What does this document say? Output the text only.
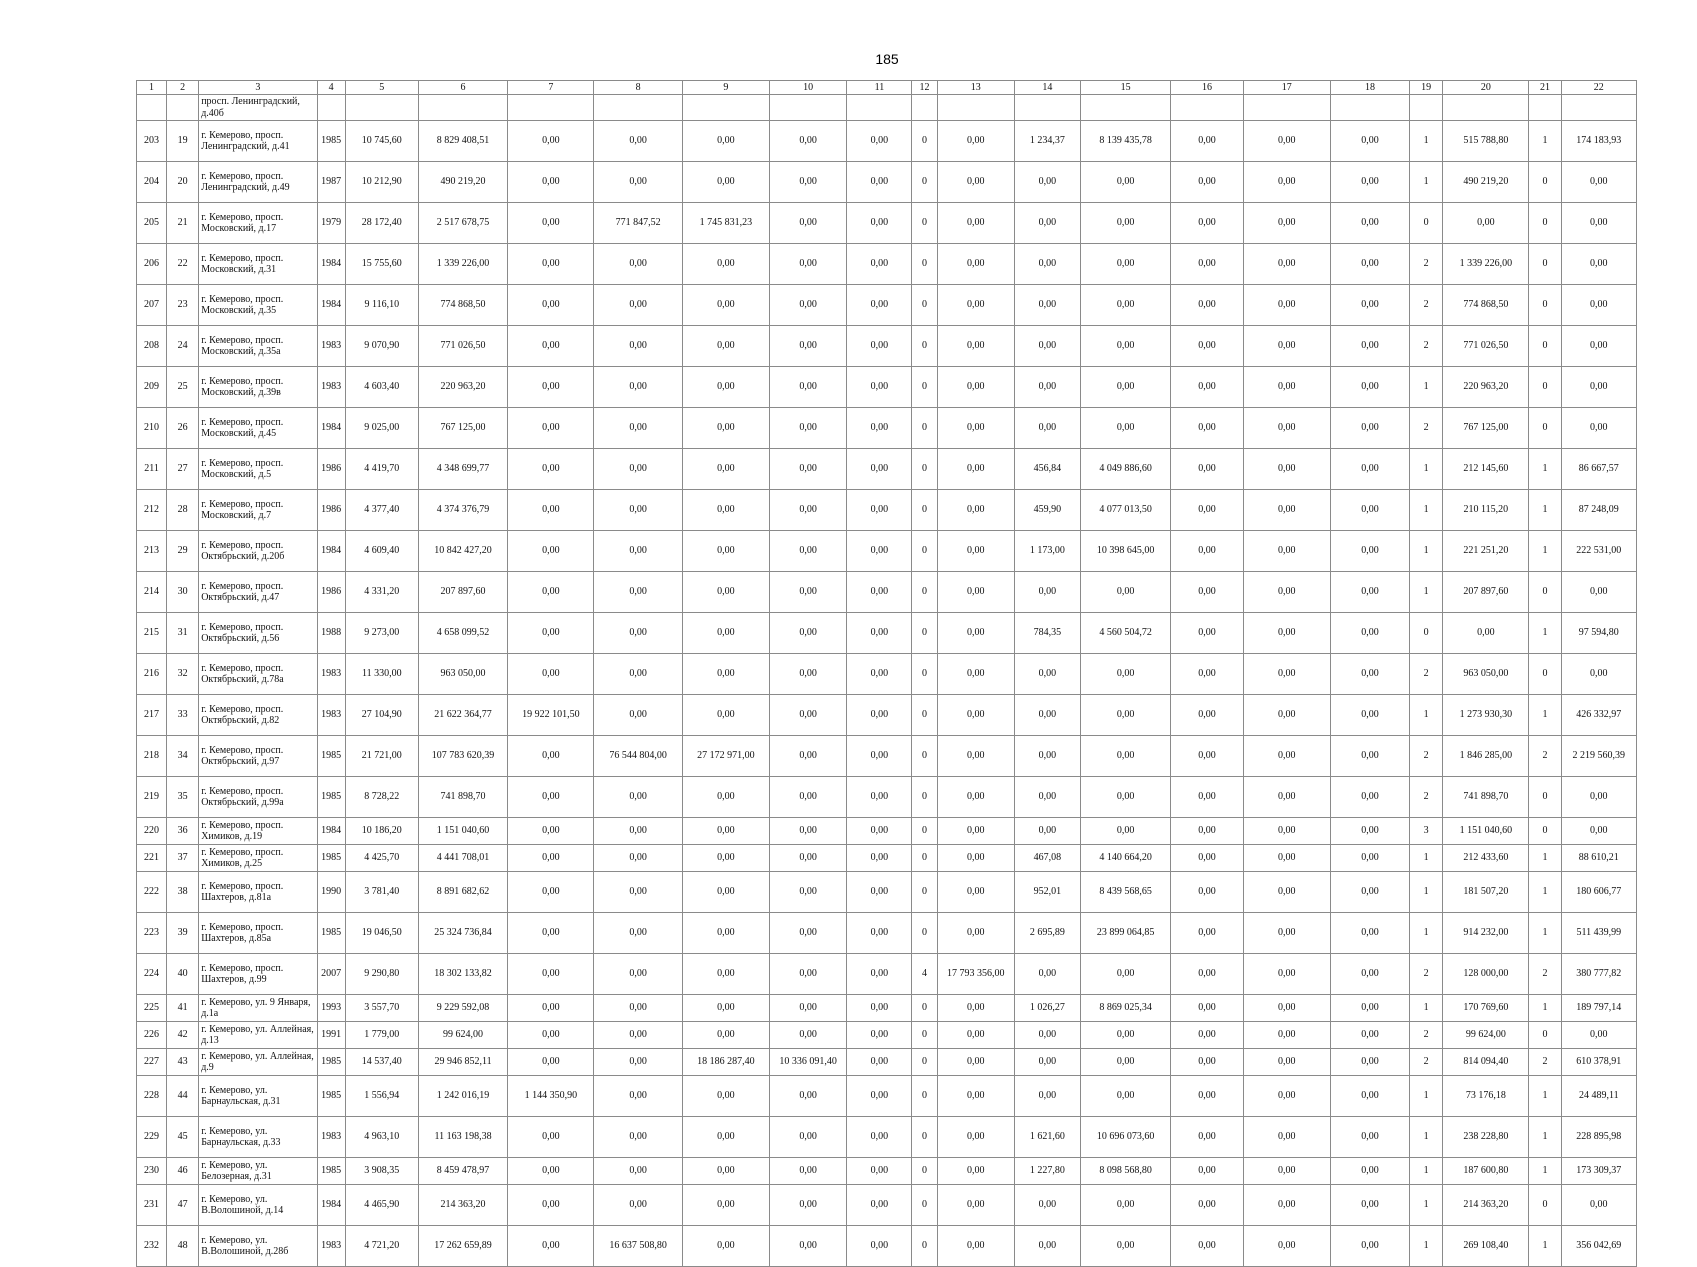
185
1	2	3	4	5	6	7	8	9	10	11	12	13	14	15	16	17	18	19	20	21	22
		просп. Ленинградский, д.40б																			
203	19	г. Кемерово, просп. Ленинградский, д.41	1985	10 745,60	8 829 408,51	0,00	0,00	0,00	0,00	0,00	0	0,00	1 234,37	8 139 435,78	0,00	0,00	0,00	1	515 788,80	1	174 183,93
204	20	г. Кемерово, просп. Ленинградский, д.49	1987	10 212,90	490 219,20	0,00	0,00	0,00	0,00	0,00	0	0,00	0,00	0,00	0,00	0,00	0,00	1	490 219,20	0	0,00
205	21	г. Кемерово, просп. Московский, д.17	1979	28 172,40	2 517 678,75	0,00	771 847,52	1 745 831,23	0,00	0,00	0	0,00	0,00	0,00	0,00	0,00	0,00	0	0,00	0	0,00
206	22	г. Кемерово, просп. Московский, д.31	1984	15 755,60	1 339 226,00	0,00	0,00	0,00	0,00	0,00	0	0,00	0,00	0,00	0,00	0,00	0,00	2	1 339 226,00	0	0,00
207	23	г. Кемерово, просп. Московский, д.35	1984	9 116,10	774 868,50	0,00	0,00	0,00	0,00	0,00	0	0,00	0,00	0,00	0,00	0,00	0,00	2	774 868,50	0	0,00
208	24	г. Кемерово, просп. Московский, д.35а	1983	9 070,90	771 026,50	0,00	0,00	0,00	0,00	0,00	0	0,00	0,00	0,00	0,00	0,00	0,00	2	771 026,50	0	0,00
209	25	г. Кемерово, просп. Московский, д.39в	1983	4 603,40	220 963,20	0,00	0,00	0,00	0,00	0,00	0	0,00	0,00	0,00	0,00	0,00	0,00	1	220 963,20	0	0,00
210	26	г. Кемерово, просп. Московский, д.45	1984	9 025,00	767 125,00	0,00	0,00	0,00	0,00	0,00	0	0,00	0,00	0,00	0,00	0,00	0,00	2	767 125,00	0	0,00
211	27	г. Кемерово, просп. Московский, д.5	1986	4 419,70	4 348 699,77	0,00	0,00	0,00	0,00	0,00	0	0,00	456,84	4 049 886,60	0,00	0,00	0,00	1	212 145,60	1	86 667,57
212	28	г. Кемерово, просп. Московский, д.7	1986	4 377,40	4 374 376,79	0,00	0,00	0,00	0,00	0,00	0	0,00	459,90	4 077 013,50	0,00	0,00	0,00	1	210 115,20	1	87 248,09
213	29	г. Кемерово, просп. Октябрьский, д.20б	1984	4 609,40	10 842 427,20	0,00	0,00	0,00	0,00	0,00	0	0,00	1 173,00	10 398 645,00	0,00	0,00	0,00	1	221 251,20	1	222 531,00
214	30	г. Кемерово, просп. Октябрьский, д.47	1986	4 331,20	207 897,60	0,00	0,00	0,00	0,00	0,00	0	0,00	0,00	0,00	0,00	0,00	0,00	1	207 897,60	0	0,00
215	31	г. Кемерово, просп. Октябрьский, д.56	1988	9 273,00	4 658 099,52	0,00	0,00	0,00	0,00	0,00	0	0,00	784,35	4 560 504,72	0,00	0,00	0,00	0	0,00	1	97 594,80
216	32	г. Кемерово, просп. Октябрьский, д.78а	1983	11 330,00	963 050,00	0,00	0,00	0,00	0,00	0,00	0	0,00	0,00	0,00	0,00	0,00	0,00	2	963 050,00	0	0,00
217	33	г. Кемерово, просп. Октябрьский, д.82	1983	27 104,90	21 622 364,77	19 922 101,50	0,00	0,00	0,00	0,00	0	0,00	0,00	0,00	0,00	0,00	0,00	1	1 273 930,30	1	426 332,97
218	34	г. Кемерово, просп. Октябрьский, д.97	1985	21 721,00	107 783 620,39	0,00	76 544 804,00	27 172 971,00	0,00	0,00	0	0,00	0,00	0,00	0,00	0,00	0,00	2	1 846 285,00	2	2 219 560,39
219	35	г. Кемерово, просп. Октябрьский, д.99а	1985	8 728,22	741 898,70	0,00	0,00	0,00	0,00	0,00	0	0,00	0,00	0,00	0,00	0,00	0,00	2	741 898,70	0	0,00
220	36	г. Кемерово, просп. Химиков, д.19	1984	10 186,20	1 151 040,60	0,00	0,00	0,00	0,00	0,00	0	0,00	0,00	0,00	0,00	0,00	0,00	3	1 151 040,60	0	0,00
221	37	г. Кемерово, просп. Химиков, д.25	1985	4 425,70	4 441 708,01	0,00	0,00	0,00	0,00	0,00	0	0,00	467,08	4 140 664,20	0,00	0,00	0,00	1	212 433,60	1	88 610,21
222	38	г. Кемерово, просп. Шахтеров, д.81а	1990	3 781,40	8 891 682,62	0,00	0,00	0,00	0,00	0,00	0	0,00	952,01	8 439 568,65	0,00	0,00	0,00	1	181 507,20	1	180 606,77
223	39	г. Кемерово, просп. Шахтеров, д.85а	1985	19 046,50	25 324 736,84	0,00	0,00	0,00	0,00	0,00	0	0,00	2 695,89	23 899 064,85	0,00	0,00	0,00	1	914 232,00	1	511 439,99
224	40	г. Кемерово, просп. Шахтеров, д.99	2007	9 290,80	18 302 133,82	0,00	0,00	0,00	0,00	0,00	4	17 793 356,00	0,00	0,00	0,00	0,00	0,00	2	128 000,00	2	380 777,82
225	41	г. Кемерово, ул. 9 Января, д.1а	1993	3 557,70	9 229 592,08	0,00	0,00	0,00	0,00	0,00	0	0,00	1 026,27	8 869 025,34	0,00	0,00	0,00	1	170 769,60	1	189 797,14
226	42	г. Кемерово, ул. Аллейная, д.13	1991	1 779,00	99 624,00	0,00	0,00	0,00	0,00	0,00	0	0,00	0,00	0,00	0,00	0,00	0,00	2	99 624,00	0	0,00
227	43	г. Кемерово, ул. Аллейная, д.9	1985	14 537,40	29 946 852,11	0,00	0,00	18 186 287,40	10 336 091,40	0,00	0	0,00	0,00	0,00	0,00	0,00	0,00	2	814 094,40	2	610 378,91
228	44	г. Кемерово, ул. Барнаульская, д.31	1985	1 556,94	1 242 016,19	1 144 350,90	0,00	0,00	0,00	0,00	0	0,00	0,00	0,00	0,00	0,00	0,00	1	73 176,18	1	24 489,11
229	45	г. Кемерово, ул. Барнаульская, д.33	1983	4 963,10	11 163 198,38	0,00	0,00	0,00	0,00	0,00	0	0,00	1 621,60	10 696 073,60	0,00	0,00	0,00	1	238 228,80	1	228 895,98
230	46	г. Кемерово, ул. Белозерная, д.31	1985	3 908,35	8 459 478,97	0,00	0,00	0,00	0,00	0,00	0	0,00	1 227,80	8 098 568,80	0,00	0,00	0,00	1	187 600,80	1	173 309,37
231	47	г. Кемерово, ул. В.Волошиной, д.14	1984	4 465,90	214 363,20	0,00	0,00	0,00	0,00	0,00	0	0,00	0,00	0,00	0,00	0,00	0,00	1	214 363,20	0	0,00
232	48	г. Кемерово, ул. В.Волошиной, д.28б	1983	4 721,20	17 262 659,89	0,00	16 637 508,80	0,00	0,00	0,00	0	0,00	0,00	0,00	0,00	0,00	0,00	1	269 108,40	1	356 042,69
